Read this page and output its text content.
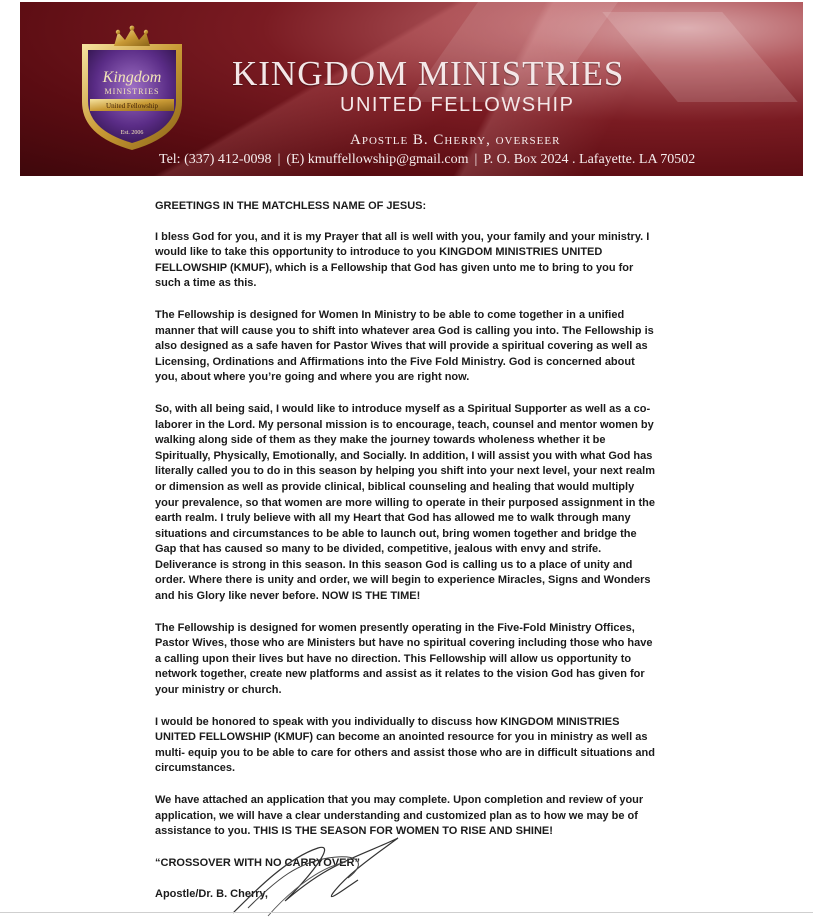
Kingdom
MINISTRIES
United Fellowship
Est. 2006
KINGDOM MINISTRIES
UNITED FELLOWSHIP
Apostle B. Cherry, overseer
Tel: (337) 412-0098 | (E) kmuffellowship@gmail.com | P. O. Box 2024 . Lafayette. LA 70502

GREETINGS IN THE MATCHLESS NAME OF JESUS:

I bless God for you, and it is my Prayer that all is well with you, your family and your ministry. I would like to take this opportunity to introduce to you KINGDOM MINISTRIES UNITED FELLOWSHIP (KMUF), which is a Fellowship that God has given unto me to bring to you for such a time as this.

The Fellowship is designed for Women In Ministry to be able to come together in a unified manner that will cause you to shift into whatever area God is calling you into. The Fellowship is also designed as a safe haven for Pastor Wives that will provide a spiritual covering as well as Licensing, Ordinations and Affirmations into the Five Fold Ministry. God is concerned about you, about where you’re going and where you are right now.

So, with all being said, I would like to introduce myself as a Spiritual Supporter as well as a co-laborer in the Lord. My personal mission is to encourage, teach, counsel and mentor women by walking along side of them as they make the journey towards wholeness whether it be Spiritually, Physically, Emotionally, and Socially. In addition, I will assist you with what God has literally called you to do in this season by helping you shift into your next level, your next realm or dimension as well as provide clinical, biblical counseling and healing that would multiply your prevalence, so that women are more willing to operate in their purposed assignment in the earth realm. I truly believe with all my Heart that God has allowed me to walk through many situations and circumstances to be able to launch out, bring women together and bridge the Gap that has caused so many to be divided, competitive, jealous with envy and strife. Deliverance is strong in this season. In this season God is calling us to a place of unity and order. Where there is unity and order, we will begin to experience Miracles, Signs and Wonders and his Glory like never before. NOW IS THE TIME!

The Fellowship is designed for women presently operating in the Five-Fold Ministry Offices, Pastor Wives, those who are Ministers but have no spiritual covering including those who have a calling upon their lives but have no direction. This Fellowship will allow us opportunity to network together, create new platforms and assist as it relates to the vision God has given for your ministry or church.

I would be honored to speak with you individually to discuss how KINGDOM MINISTRIES UNITED FELLOWSHIP (KMUF) can become an anointed resource for you in ministry as well as multi- equip you to be able to care for others and assist those who are in difficult situations and circumstances.

We have attached an application that you may complete. Upon completion and review of your application, we will have a clear understanding and customized plan as to how we may be of assistance to you. THIS IS THE SEASON FOR WOMEN TO RISE AND SHINE!

“CROSSOVER WITH NO CARRYOVER”

Apostle/Dr. B. Cherry,
